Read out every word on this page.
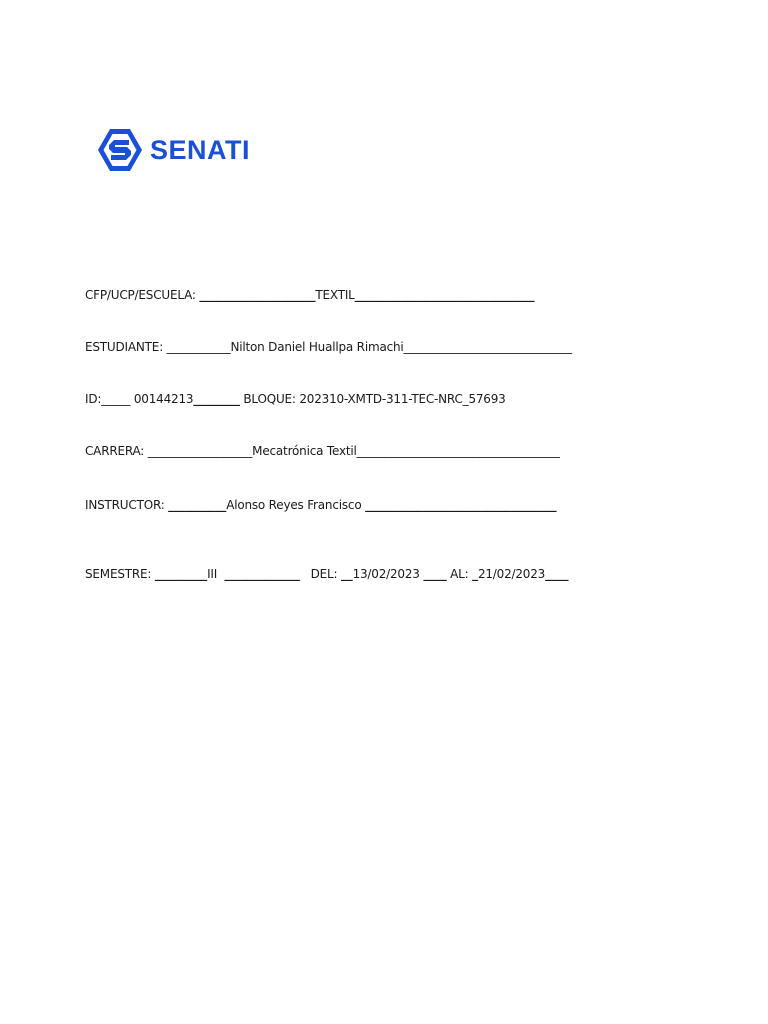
SENATI
CFP/UCP/ESCUELA: ____________________TEXTIL_______________________________
ESTUDIANTE: ___________Nilton Daniel Huallpa Rimachi_____________________________
ID:_____ 00144213________ BLOQUE: 202310-XMTD-311-TEC-NRC_57693
CARRERA: __________________Mecatrónica Textil___________________________________
INSTRUCTOR: __________Alonso Reyes Francisco _________________________________
SEMESTRE: _________III  _____________   DEL: __13/02/2023 ____ AL: _21/02/2023____
